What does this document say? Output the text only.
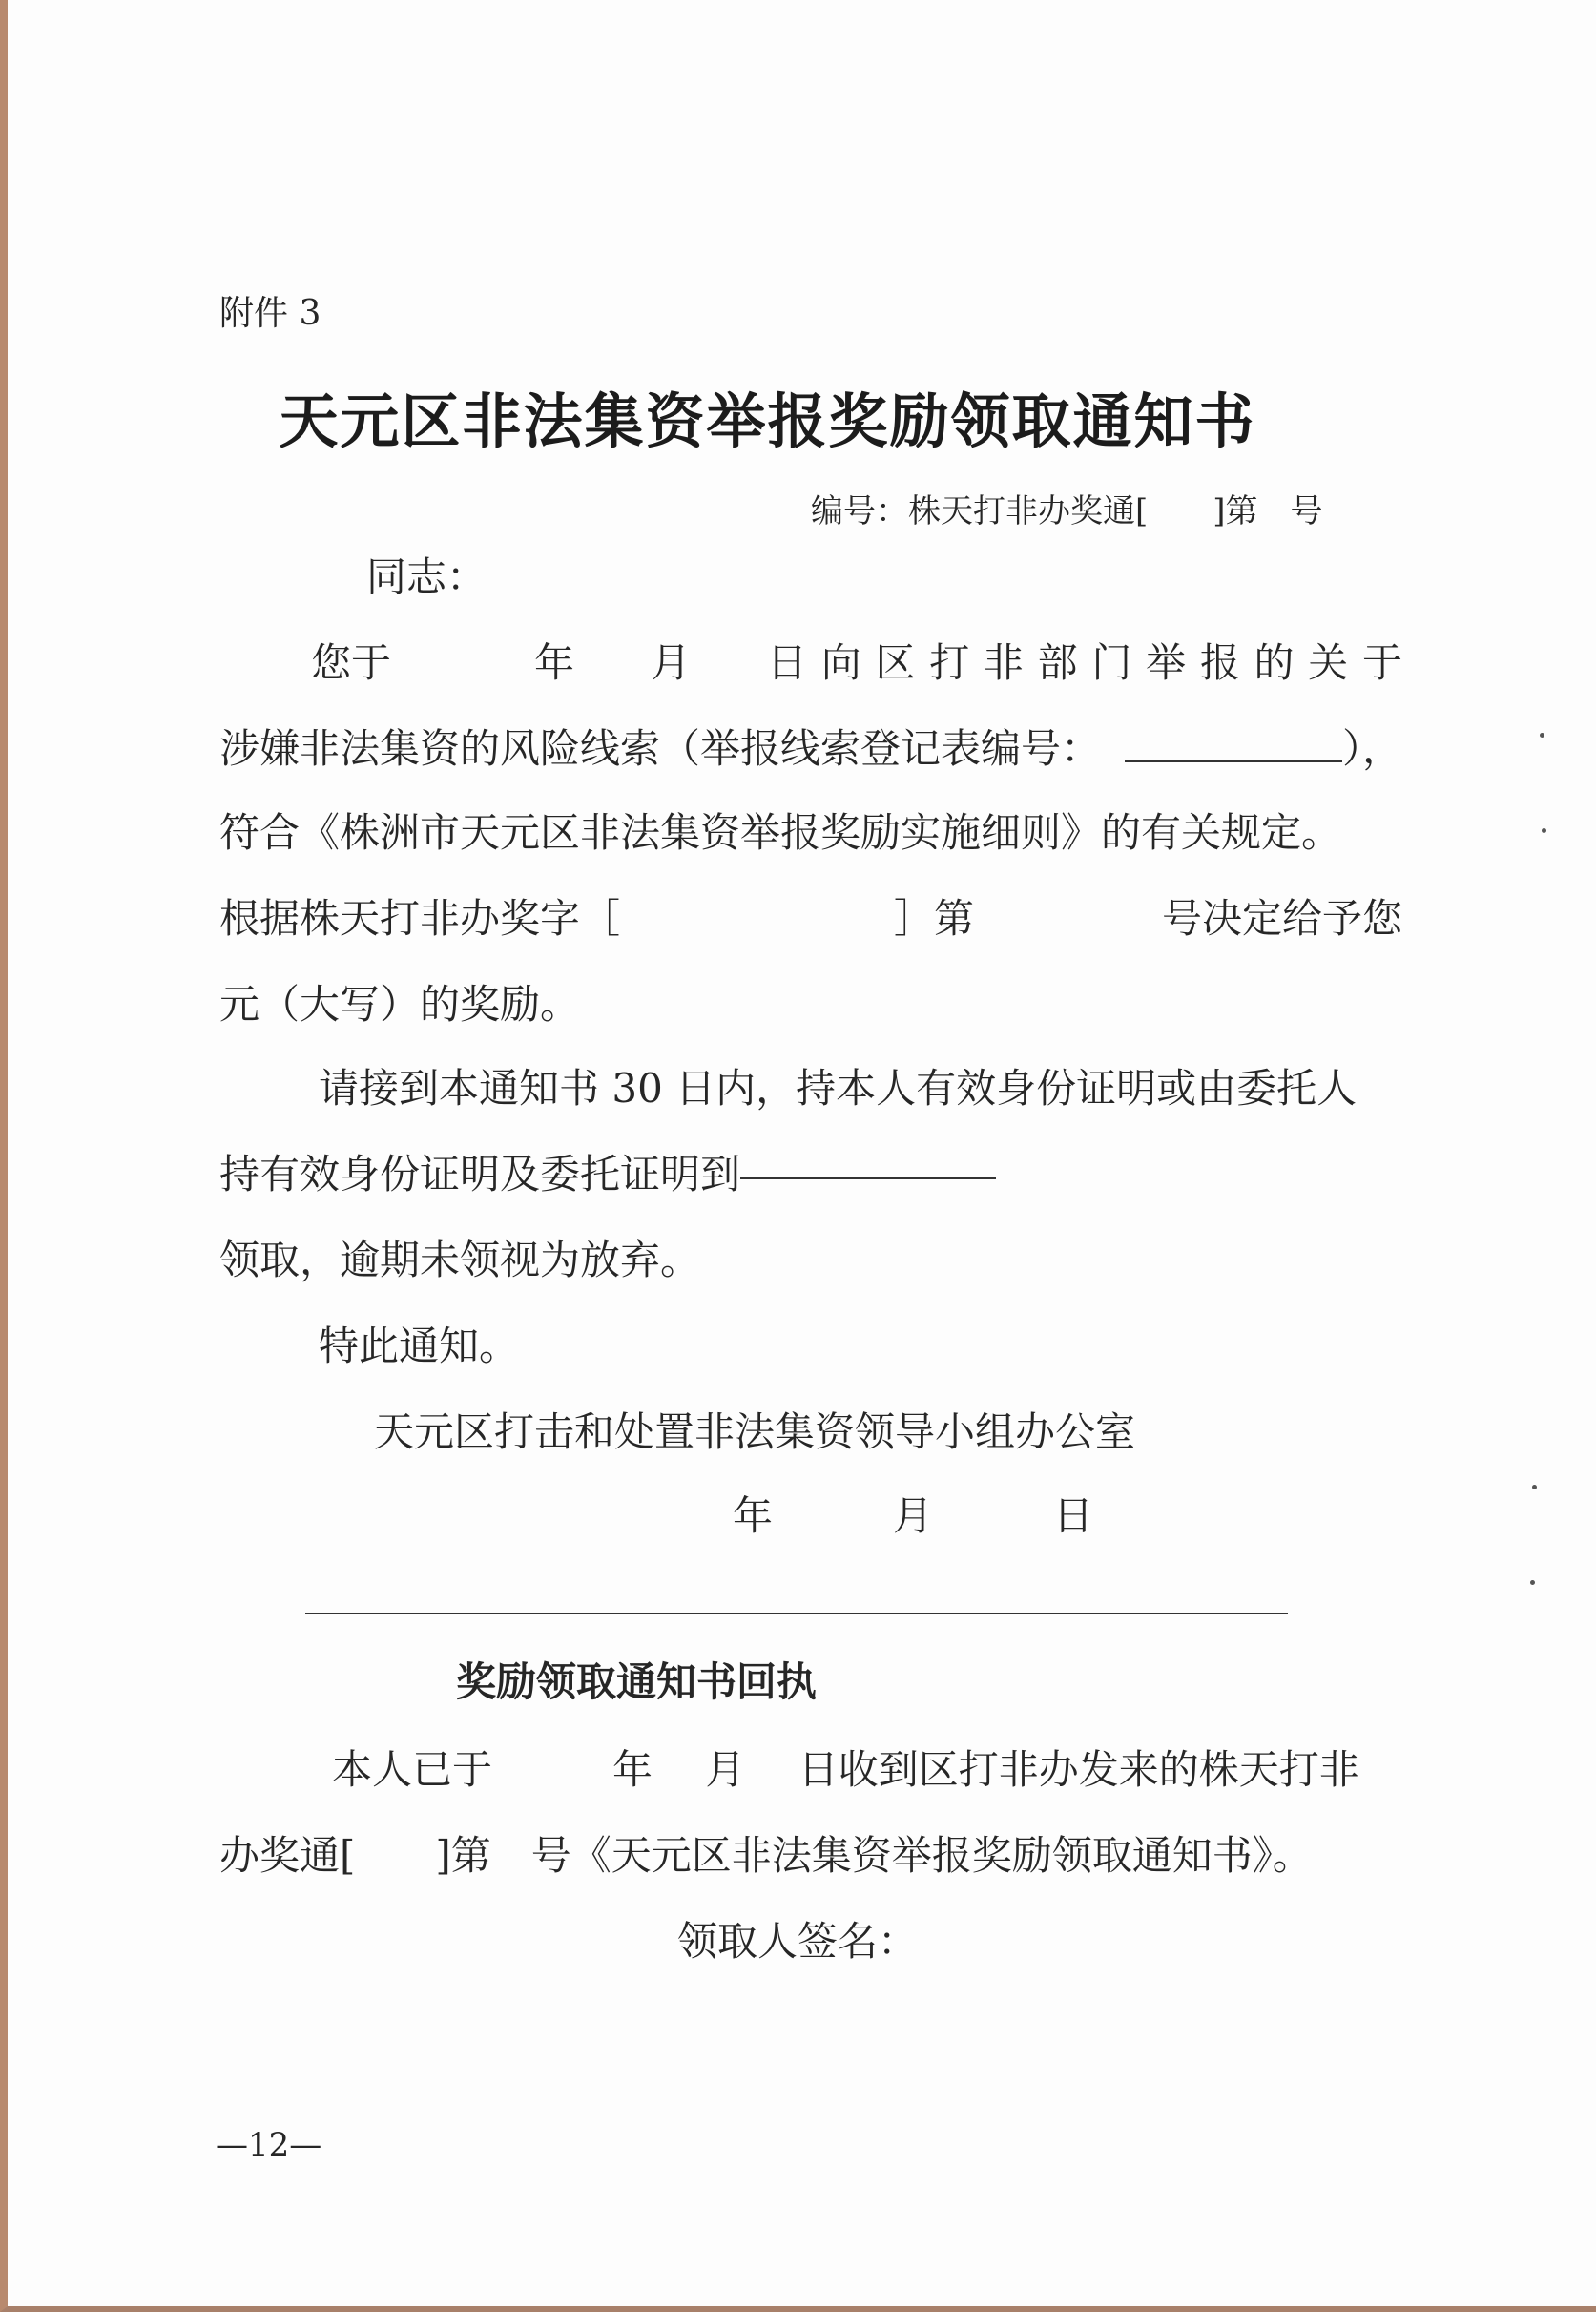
附件 3
天元区非法集资举报奖励领取通知书
编号：株天打非办奖通[　　]第　号
同志：
您于	年 月 日向区打非部门举报的关于
涉嫌非法集资的风险线索（举报线索登记表编号：	），
符合《株洲市天元区非法集资举报奖励实施细则》的有关规定。
根据株天打非办奖字［	］第	号决定给予您
元（大写）的奖励。
请接到本通知书 30 日内，持本人有效身份证明或由委托人
持有效身份证明及委托证明到
领取，逾期未领视为放弃。
特此通知。
天元区打击和处置非法集资领导小组办公室
年　　　月　　　日
奖励领取通知书回执
本人已于　　　年　 月　 日收到区打非办发来的株天打非
办奖通[　　]第　号《天元区非法集资举报奖励领取通知书》。
领取人签名：
—12—
